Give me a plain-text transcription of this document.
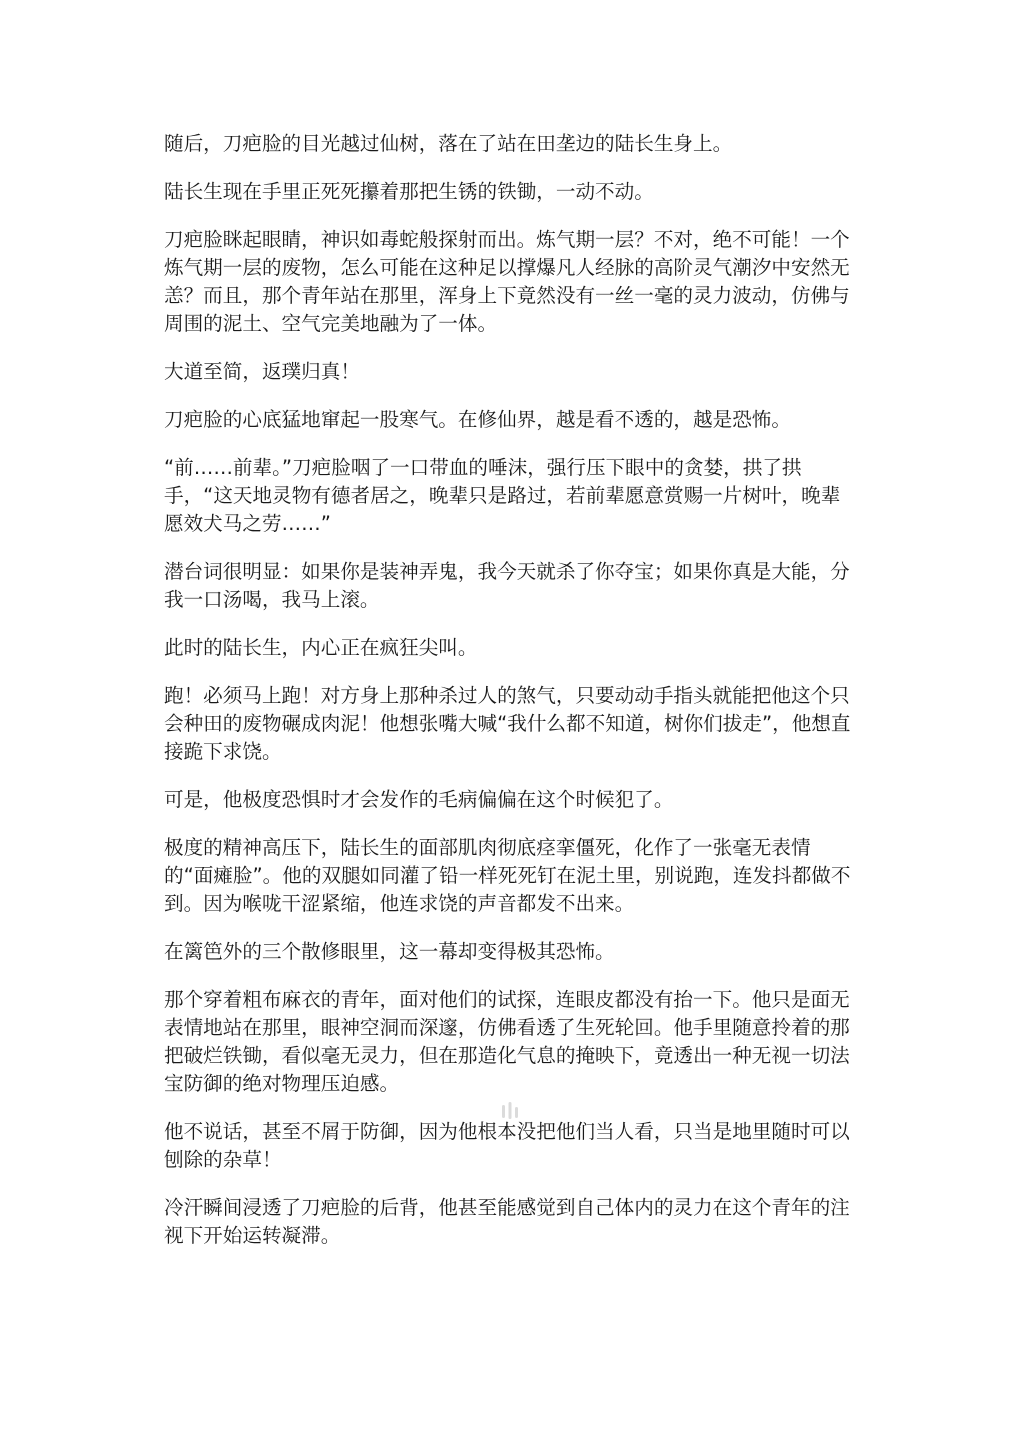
随后，刀疤脸的目光越过仙树，落在了站在田垄边的陆长生身上。

陆长生现在手里正死死攥着那把生锈的铁锄，一动不动。

刀疤脸眯起眼睛，神识如毒蛇般探射而出。炼气期一层？不对，绝不可能！一个炼气期一层的废物，怎么可能在这种足以撑爆凡人经脉的高阶灵气潮汐中安然无恙？而且，那个青年站在那里，浑身上下竟然没有一丝一毫的灵力波动，仿佛与周围的泥土、空气完美地融为了一体。

大道至简，返璞归真！

刀疤脸的心底猛地窜起一股寒气。在修仙界，越是看不透的，越是恐怖。

“前……前辈。”刀疤脸咽了一口带血的唾沫，强行压下眼中的贪婪，拱了拱手，“这天地灵物有德者居之，晚辈只是路过，若前辈愿意赏赐一片树叶，晚辈愿效犬马之劳……”

潜台词很明显：如果你是装神弄鬼，我今天就杀了你夺宝；如果你真是大能，分我一口汤喝，我马上滚。

此时的陆长生，内心正在疯狂尖叫。

跑！必须马上跑！对方身上那种杀过人的煞气，只要动动手指头就能把他这个只会种田的废物碾成肉泥！他想张嘴大喊“我什么都不知道，树你们拔走”，他想直接跪下求饶。

可是，他极度恐惧时才会发作的毛病偏偏在这个时候犯了。

极度的精神高压下，陆长生的面部肌肉彻底痉挛僵死，化作了一张毫无表情的“面瘫脸”。他的双腿如同灌了铅一样死死钉在泥土里，别说跑，连发抖都做不到。因为喉咙干涩紧缩，他连求饶的声音都发不出来。

在篱笆外的三个散修眼里，这一幕却变得极其恐怖。

那个穿着粗布麻衣的青年，面对他们的试探，连眼皮都没有抬一下。他只是面无表情地站在那里，眼神空洞而深邃，仿佛看透了生死轮回。他手里随意拎着的那把破烂铁锄，看似毫无灵力，但在那造化气息的掩映下，竟透出一种无视一切法宝防御的绝对物理压迫感。

他不说话，甚至不屑于防御，因为他根本没把他们当人看，只当是地里随时可以刨除的杂草！

冷汗瞬间浸透了刀疤脸的后背，他甚至能感觉到自己体内的灵力在这个青年的注视下开始运转凝滞。
